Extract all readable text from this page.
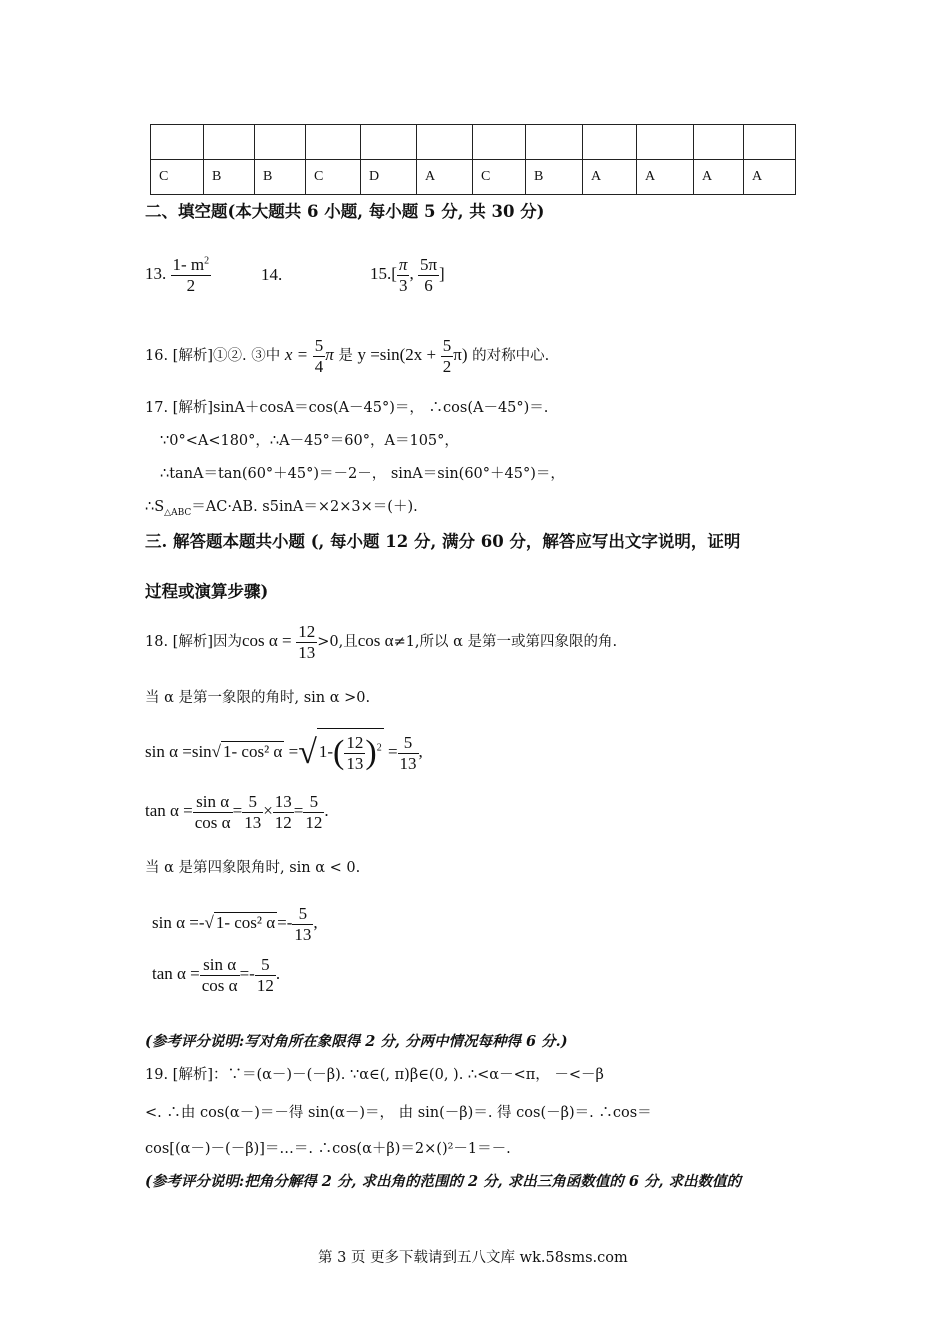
C	B	B	C	D	A	C	B	A	A	A	A
二、填空题(本大题共 6 小题, 每小题 5 分, 共 30 分)
13. $\frac{1- m^2}{2}$	14.	$15.[ \frac{\pi}{3}$ , $\frac{5\pi}{6}$ ]
16. [解析]①②. ③中 $x = \frac{5}{4}$ π 是 $y =\sin(2x + \frac{5}{2} \pi)$ 的对称中心.
17. [解析]sinA＋cosA＝cos(A－45°)＝， ∴cos(A－45°)＝.
∵0°<A<180°，∴A－45°＝60°，A＝105°，
∴tanA＝tan(60°＋45°)＝－2－， sinA＝sin(60°＋45°)＝，
$\therefore S_{\triangle ABC}=AC\cdot AB$. s5inA＝×2×3×＝(＋).
三. 解答题本题共小题 (, 每小题 12 分, 满分 60 分，解答应写出文字说明，证明
过程或演算步骤)
18. [解析]因为$\cos \alpha = \frac{12}{13} >0$,且cos α≠1,所以 α 是第一或第四象限的角.
当 α 是第一象限的角时, sin α >0.
sin α =sin√ 1- cos² α =√ $1-( \frac{12}{13} )^2 = \frac{5}{13}$ ,
$\tan \alpha = \frac{\text{sin α}}{\text{cos α}} = \frac{5}{13} \times \frac{13}{12} = \frac{5}{12}$ .
当 α 是第四象限角时, sin α < 0.
sin α =-√ 1- cos² $\alpha =- \frac{5}{13}$ ,
$\tan \alpha = \frac{\text{sin α}}{\text{cos α}} =- \frac{5}{12}$ .
(参考评分说明:写对角所在象限得 2 分, 分两中情况每种得 6 分.)
19. [解析]：∵＝(α－)－(－β). ∵α∈(, π)β∈(0, ). ∴<α－<π， －<－β
<. ∴由 cos(α－)＝－得 sin(α－)＝， 由 sin(－β)＝. 得 cos(－β)＝. ∴cos＝
cos[(α－)－(－β)]＝…＝. ∴cos(α＋β)＝2×()²－1＝－.
(参考评分说明:把角分解得 2 分, 求出角的范围的 2 分, 求出三角函数值的 6 分, 求出数值的
第 3 页 更多下载请到五八文库 wk.58sms.com
